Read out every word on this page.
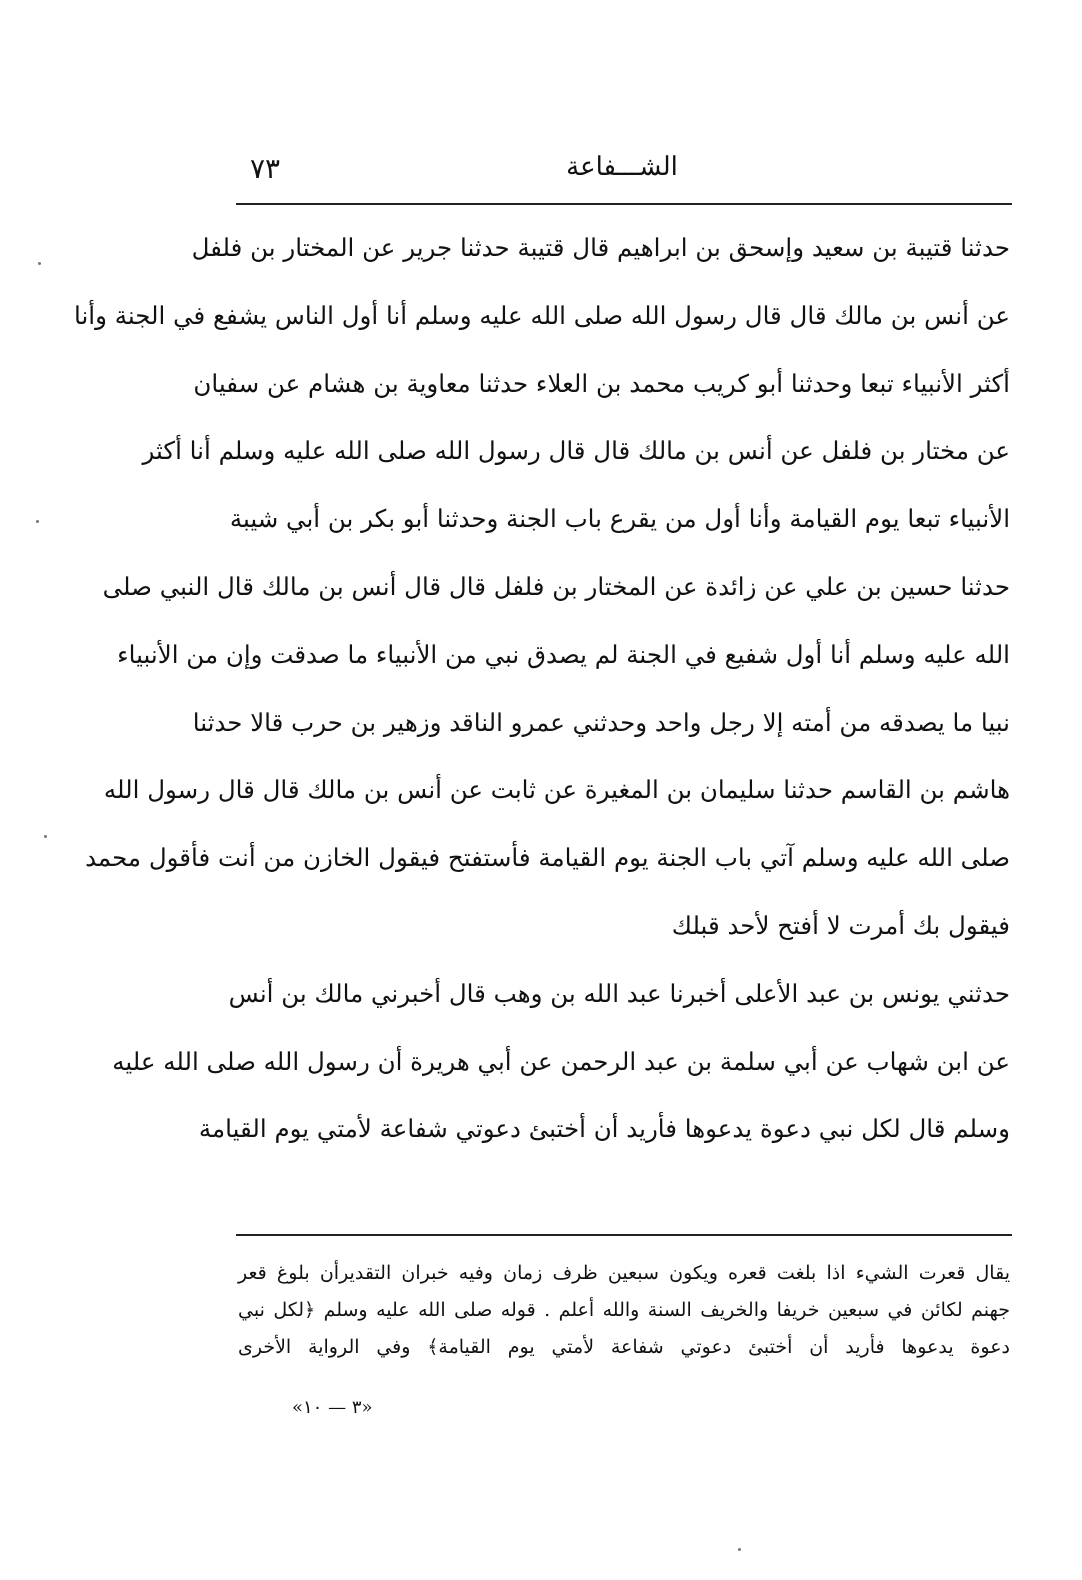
الشـــفاعة
٧٣
حدثنا قتيبة بن سعيد وإسحق بن ابراهيم قال قتيبة حدثنا جرير عن المختار بن فلفل
عن أنس بن مالك قال قال رسول الله صلى الله عليه وسلم أنا أول الناس يشفع في الجنة وأنا
أكثر الأنبياء تبعا وحدثنا أبو كريب محمد بن العلاء حدثنا معاوية بن هشام عن سفيان
عن مختار بن فلفل عن أنس بن مالك قال قال رسول الله صلى الله عليه وسلم أنا أكثر
الأنبياء تبعا يوم القيامة وأنا أول من يقرع باب الجنة وحدثنا أبو بكر بن أبي شيبة
حدثنا حسين بن علي عن زائدة عن المختار بن فلفل قال قال أنس بن مالك قال النبي صلى
الله عليه وسلم أنا أول شفيع في الجنة لم يصدق نبي من الأنبياء ما صدقت وإن من الأنبياء
نبيا ما يصدقه من أمته إلا رجل واحد وحدثني عمرو الناقد وزهير بن حرب قالا حدثنا
هاشم بن القاسم حدثنا سليمان بن المغيرة عن ثابت عن أنس بن مالك قال قال رسول الله
صلى الله عليه وسلم آتي باب الجنة يوم القيامة فأستفتح فيقول الخازن من أنت فأقول محمد
فيقول بك أمرت لا أفتح لأحد قبلك
حدثني يونس بن عبد الأعلى أخبرنا عبد الله بن وهب قال أخبرني مالك بن أنس
عن ابن شهاب عن أبي سلمة بن عبد الرحمن عن أبي هريرة أن رسول الله صلى الله عليه
وسلم قال لكل نبي دعوة يدعوها فأريد أن أختبئ دعوتي شفاعة لأمتي يوم القيامة
يقال قعرت الشيء اذا بلغت قعره ويكون سبعين ظرف زمان وفيه خبران التقديرأن بلوغ قعر
جهنم لكائن في سبعين خريفا والخريف السنة والله أعلم . قوله صلى الله عليه وسلم ﴿لكل نبي
دعوة يدعوها فأريد أن أختبئ دعوتي شفاعة لأمتي يوم القيامة﴾ وفي الرواية الأخرى
«٣ — ١٠»
